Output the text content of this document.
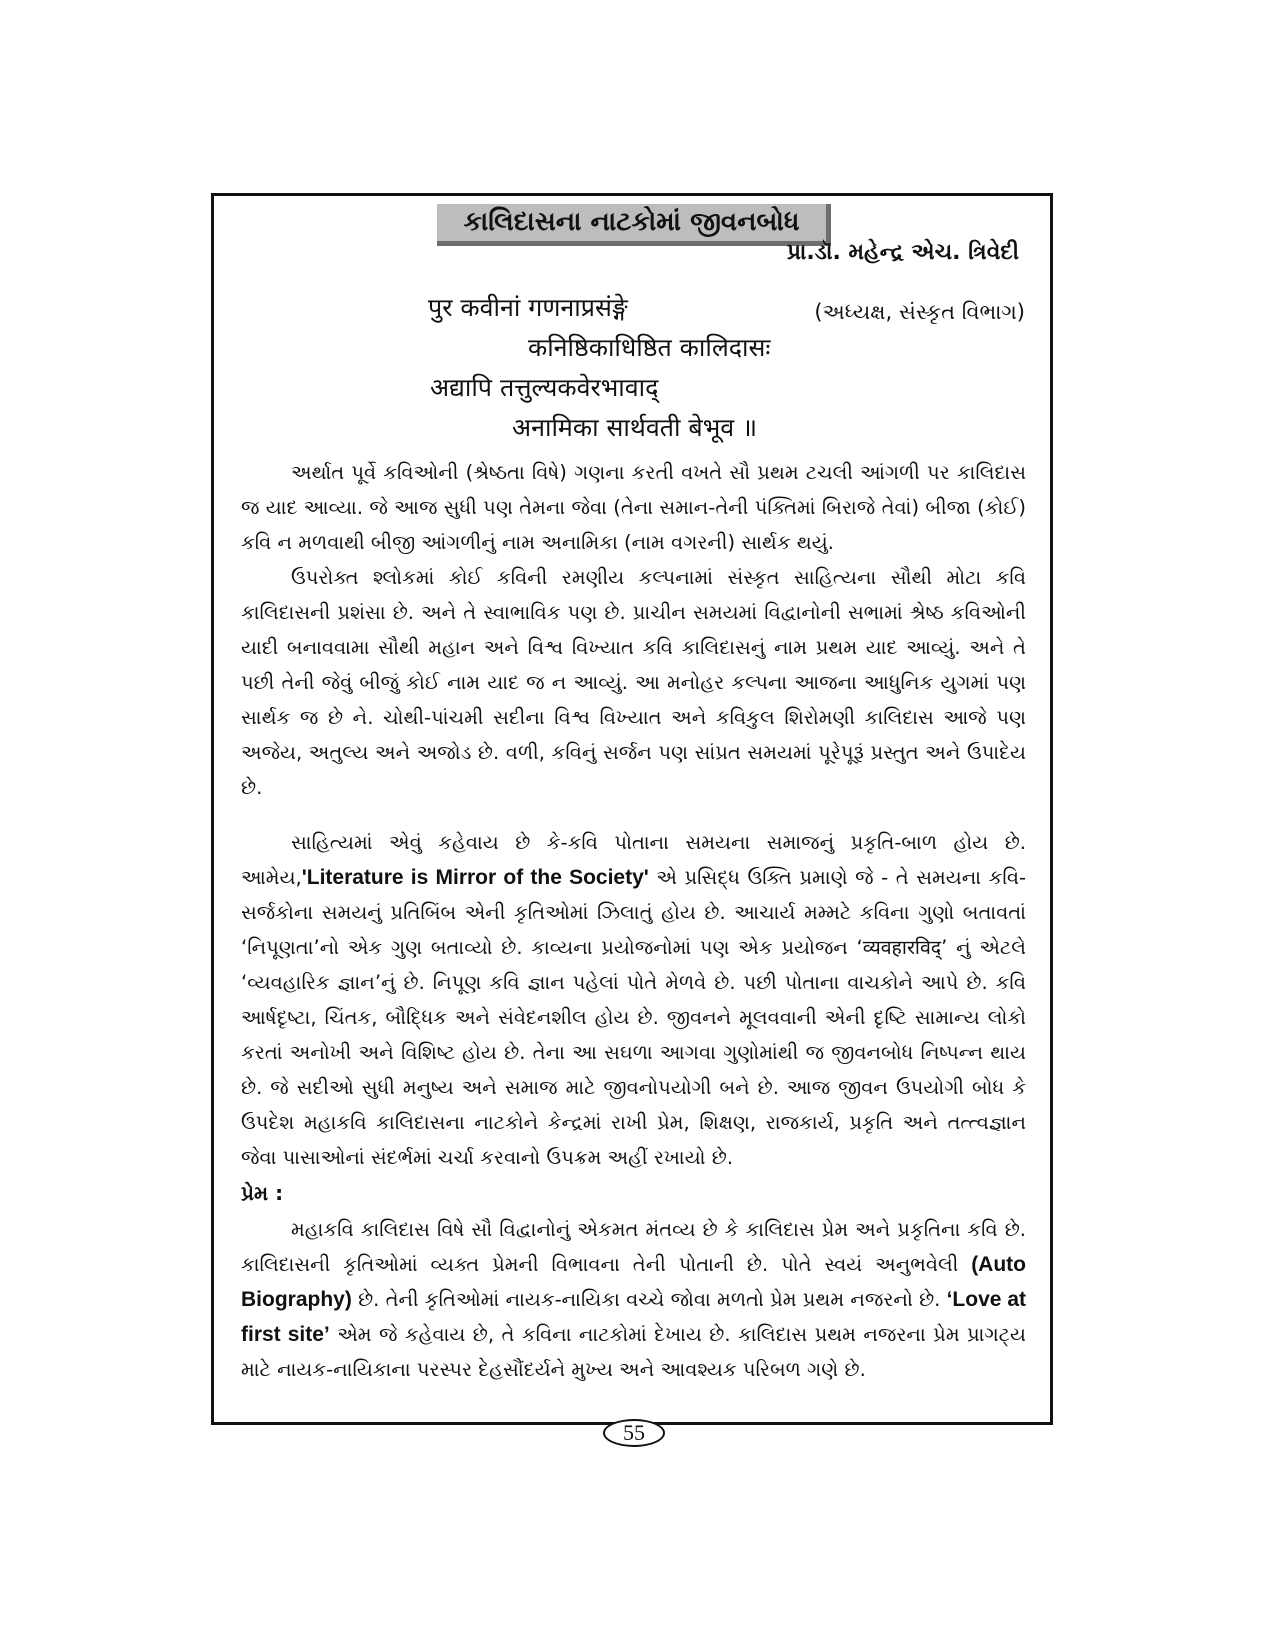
કાલિદાસના નાટકોમાં જીવનબોધ
પ્રા.ડૉ. મહેન્દ્ર એચ. ત્રિવેદી
(અધ્યક્ષ, સંસ્કૃત વિભાગ)
पुर कवीनां गणनाप्रसंङ्गे
कनिष्ठिकाधिष्ठित कालिदासः
अद्यापि तत्तुल्यकवेरभावाद्
अनामिका सार्थवती बेभूव ॥

અર્થાત પૂર્વે કવિઓની (શ્રેષ્ઠતા વિષે) ગણના કરતી વખતે સૌ પ્રથમ ટચલી આંગળી પર કાલિદાસ જ યાદ આવ્યા. જે આજ સુધી પણ તેમના જેવા (તેના સમાન-તેની પંક્તિમાં બિરાજે તેવાં) બીજા (કોઈ) કવિ ન મળવાથી બીજી આંગળીનું નામ અનામિકા (નામ વગરની) સાર્થક થયું.

ઉપરોક્ત શ્લોકમાં કોઈ કવિની રમણીય કલ્પનામાં સંસ્કૃત સાહિત્યના સૌથી મોટા કવિ કાલિદાસની પ્રશંસા છે. અને તે સ્વાભાવિક પણ છે. પ્રાચીન સમયમાં વિદ્વાનોની સભામાં શ્રેષ્ઠ કવિઓની યાદી બનાવવામા સૌથી મહાન અને વિશ્વ વિખ્યાત કવિ કાલિદાસનું નામ પ્રથમ યાદ આવ્યું. અને તે પછી તેની જેવું બીજું કોઈ નામ યાદ જ ન આવ્યું. આ મનોહર કલ્પના આજના આધુનિક યુગમાં પણ સાર્થક જ છે ને. ચોથી-પાંચમી સદીના વિશ્વ વિખ્યાત અને કવિકુલ શિરોમણી કાલિદાસ આજે પણ અજેય, અતુલ્ય અને અજોડ છે. વળી, કવિનું સર્જન પણ સાંપ્રત સમયમાં પૂરેપૂરૂં પ્રસ્તુત અને ઉપાદેય છે.

સાહિત્યમાં એવું કહેવાય છે કે-કવિ પોતાના સમયના સમાજનું પ્રકૃતિ-બાળ હોય છે. આમેય,'Literature is Mirror of the Society' એ પ્રસિદ્ધ ઉક્તિ પ્રમાણે જે - તે સમયના કવિ-સર્જકોના સમયનું પ્રતિબિંબ એની કૃતિઓમાં ઝિલાતું હોય છે. આચાર્ય મમ્મટે કવિના ગુણો બતાવતાં ‘નિપૂણતા’નો એક ગુણ બતાવ્યો છે. કાવ્યના પ્રયોજનોમાં પણ એક પ્રયોજન ‘व्यवहारविद्’ નું એટલે ‘વ્યવહારિક જ્ઞાન’નું છે. નિપૂણ કવિ જ્ઞાન પહેલાં પોતે મેળવે છે. પછી પોતાના વાચકોને આપે છે. કવિ આર્ષદૃષ્ટા, ચિંતક, બૌદ્ધિક અને સંવેદનશીલ હોય છે. જીવનને મૂલવવાની એની દૃષ્ટિ સામાન્ય લોકો કરતાં અનોખી અને વિશિષ્ટ હોય છે. તેના આ સઘળા આગવા ગુણોમાંથી જ જીવનબોધ નિષ્પન્ન થાય છે. જે સદીઓ સુધી મનુષ્ય અને સમાજ માટે જીવનોપયોગી બને છે. આજ જીવન ઉપયોગી બોધ કે ઉપદેશ મહાકવિ કાલિદાસના નાટકોને કેન્દ્રમાં રાખી પ્રેમ, શિક્ષણ, રાજકાર્ય, પ્રકૃતિ અને તત્ત્વજ્ઞાન જેવા પાસાઓનાં સંદર્ભમાં ચર્ચા કરવાનો ઉપક્રમ અહીં રખાયો છે.

પ્રેમ :

મહાકવિ કાલિદાસ વિષે સૌ વિદ્વાનોનું એકમત મંતવ્ય છે કે કાલિદાસ પ્રેમ અને પ્રકૃતિના કવિ છે. કાલિદાસની કૃતિઓમાં વ્યક્ત પ્રેમની વિભાવના તેની પોતાની છે. પોતે સ્વયં અનુભવેલી (Auto Biography) છે. તેની કૃતિઓમાં નાયક-નાયિકા વચ્ચે જોવા મળતો પ્રેમ પ્રથમ નજરનો છે. ‘Love at first site’ એમ જે કહેવાય છે, તે કવિના નાટકોમાં દેખાય છે. કાલિદાસ પ્રથમ નજરના પ્રેમ પ્રાગટ્ય માટે નાયક-નાયિકાના પરસ્પર દેહસૌંદર્યને મુખ્ય અને આવશ્યક પરિબળ ગણે છે.

55
